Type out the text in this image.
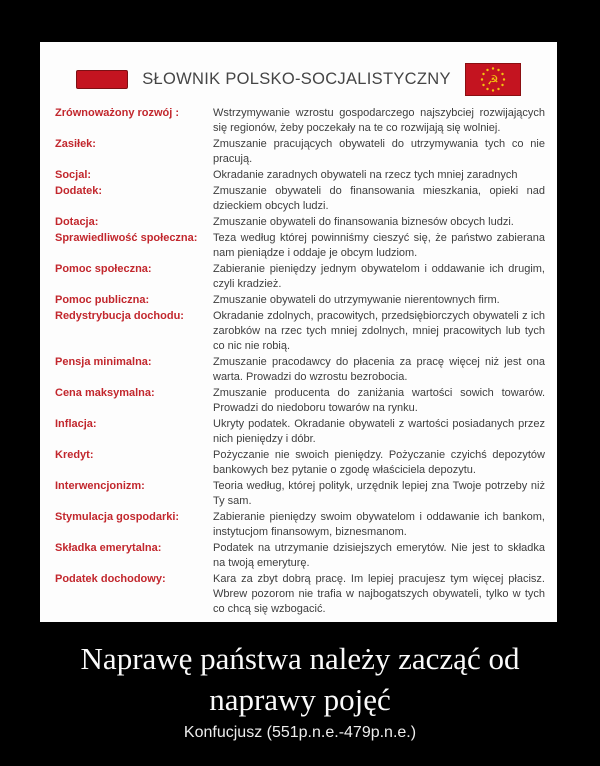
SŁOWNIK POLSKO-SOCJALISTYCZNY	☭

Zrównoważony rozwój :	Wstrzymywanie wzrostu gospodarczego najszybciej rozwijających się regionów, żeby poczekały na te co rozwijają się wolniej.

Zasiłek:	Zmuszanie pracujących obywateli do utrzymywania tych co nie pracują.

Socjal:	Okradanie zaradnych obywateli na rzecz tych mniej zaradnych

Dodatek:	Zmuszanie obywateli do finansowania mieszkania, opieki nad dzieckiem obcych ludzi.

Dotacja:	Zmuszanie obywateli do finansowania biznesów obcych ludzi.

Sprawiedliwość społeczna: Teza według której powinniśmy cieszyć się, że państwo zabierana nam pieniądze i oddaje je obcym ludziom.

Pomoc społeczna:	Zabieranie pieniędzy jednym obywatelom i oddawanie ich drugim, czyli kradzież.

Pomoc publiczna:	Zmuszanie obywateli do utrzymywanie nierentownych firm.

Redystrybucja dochodu:	Okradanie zdolnych, pracowitych, przedsiębiorczych obywateli z ich zarobków na rzec tych mniej zdolnych, mniej pracowitych lub tych co nic nie robią.

Pensja minimalna:	Zmuszanie pracodawcy do płacenia za pracę więcej niż jest ona warta. Prowadzi do wzrostu bezrobocia.

Cena maksymalna:	Zmuszanie producenta do zaniżania wartości sowich towarów. Prowadzi do niedoboru towarów na rynku.

Inflacja:	Ukryty podatek. Okradanie obywateli z wartości posiadanych przez nich pieniędzy i dóbr.

Kredyt:	Pożyczanie nie swoich pieniędzy. Pożyczanie czyichś depozytów bankowych bez pytanie o zgodę właściciela depozytu.

Interwencjonizm:	Teoria według, której polityk, urzędnik lepiej zna Twoje potrzeby niż Ty sam.

Stymulacja gospodarki:	Zabieranie pieniędzy swoim obywatelom i oddawanie ich bankom, instytucjom finansowym, biznesmanom.

Składka emerytalna:	Podatek na utrzymanie dzisiejszych emerytów. Nie jest to składka na twoją emeryturę.

Podatek dochodowy:	Kara za zbyt dobrą pracę. Im lepiej pracujesz tym więcej płacisz. Wbrew pozorom nie trafia w najbogatszych obywateli, tylko w tych co chcą się wzbogacić.

Naprawę państwa należy zacząć od naprawy pojęć
Konfucjusz (551p.n.e.-479p.n.e.)
